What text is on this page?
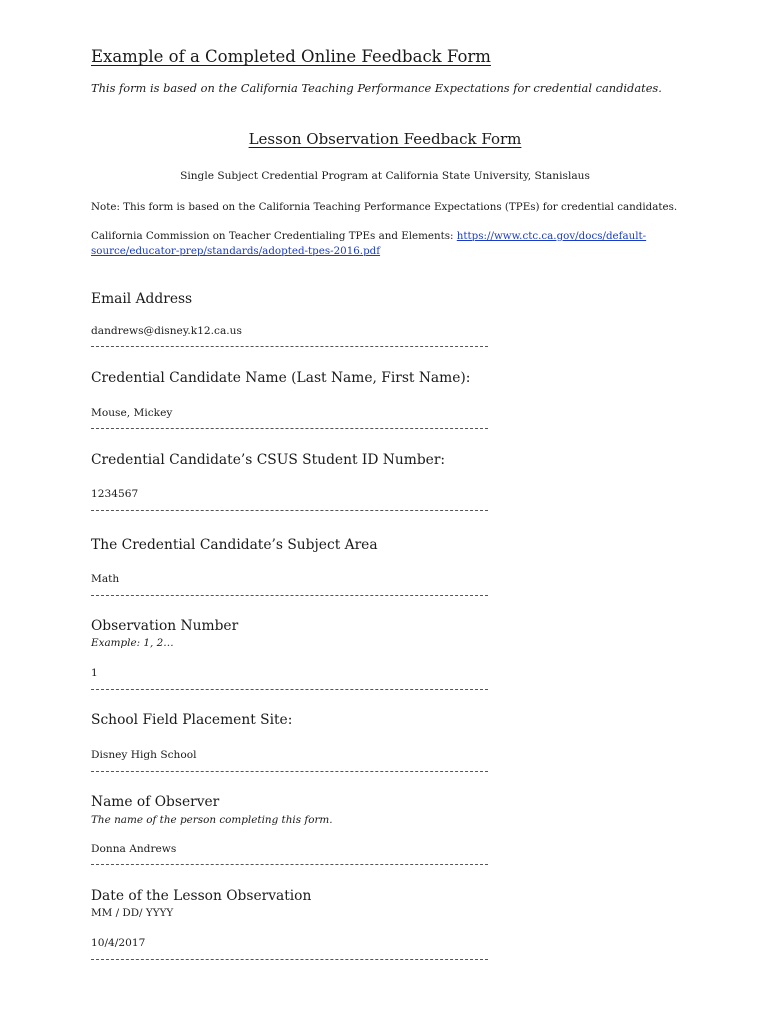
Example of a Completed Online Feedback Form
This form is based on the California Teaching Performance Expectations for credential candidates.
Lesson Observation Feedback Form
Single Subject Credential Program at California State University, Stanislaus
Note: This form is based on the California Teaching Performance Expectations (TPEs) for credential candidates.
California Commission on Teacher Credentialing TPEs and Elements: https://www.ctc.ca.gov/docs/default-source/educator-prep/standards/adopted-tpes-2016.pdf
Email Address
dandrews@disney.k12.ca.us
Credential Candidate Name (Last Name, First Name):
Mouse, Mickey
Credential Candidate’s CSUS Student ID Number:
1234567
The Credential Candidate’s Subject Area
Math
Observation Number
Example: 1, 2…
1
School Field Placement Site:
Disney High School
Name of Observer
The name of the person completing this form.
Donna Andrews
Date of the Lesson Observation
MM / DD/ YYYY
10/4/2017
